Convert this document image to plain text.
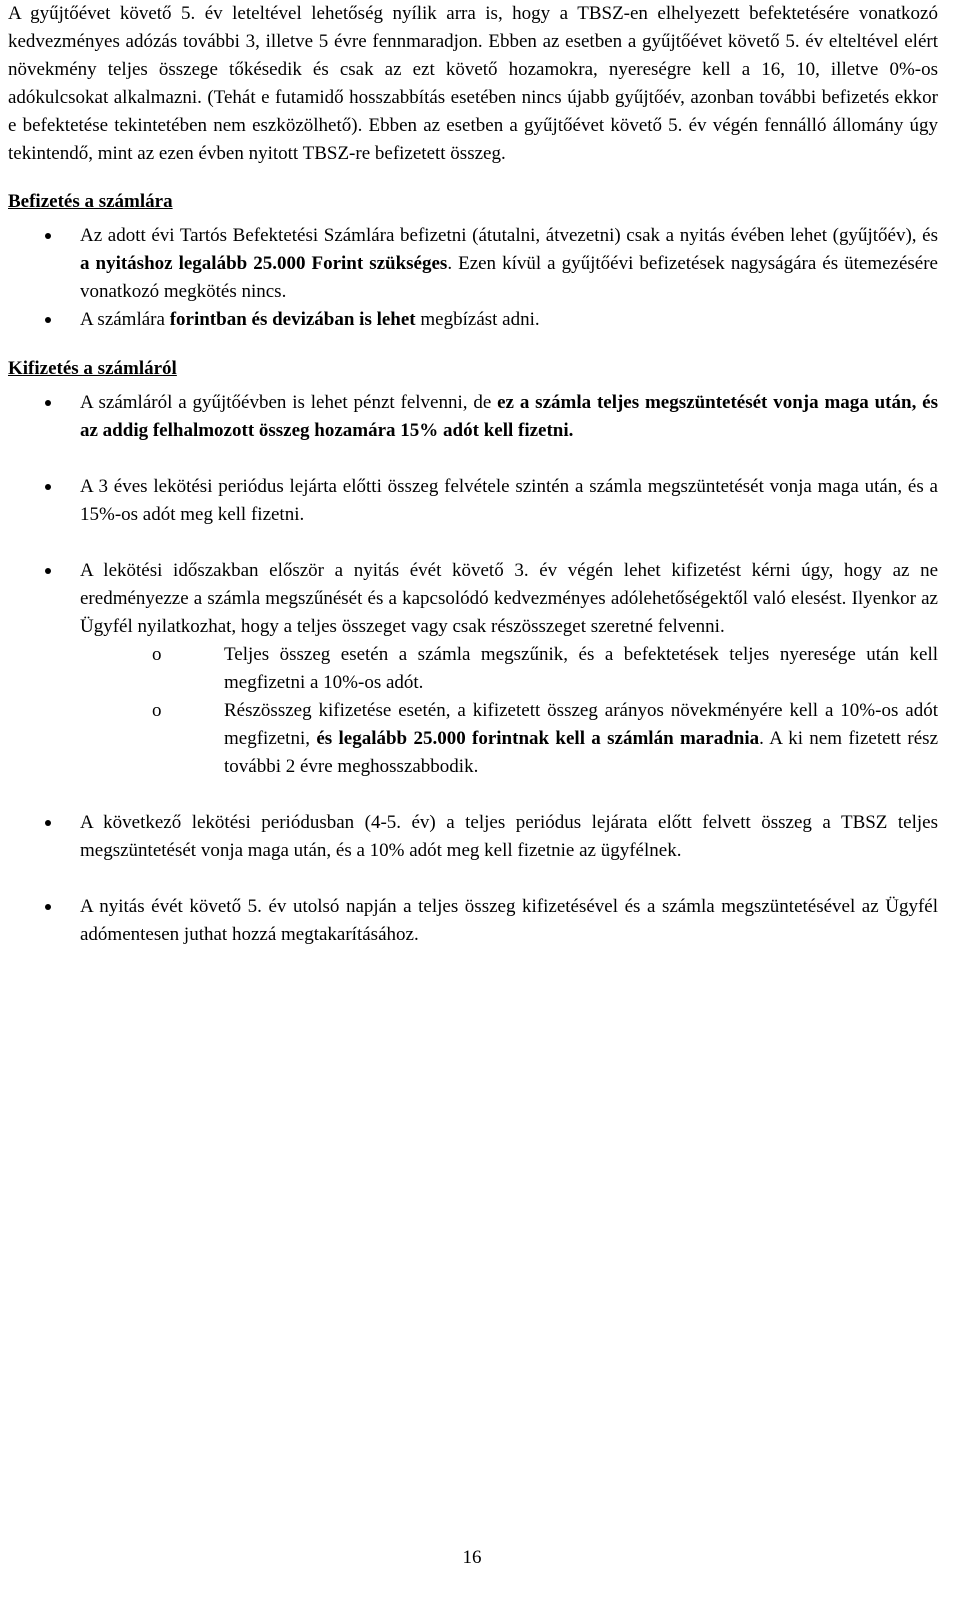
A gyűjtőévet követő 5. év leteltével lehetőség nyílik arra is, hogy a TBSZ-en elhelyezett befektetésére vonatkozó kedvezményes adózás további 3, illetve 5 évre fennmaradjon. Ebben az esetben a gyűjtőévet követő 5. év elteltével elért növekmény teljes összege tőkésedik és csak az ezt követő hozamokra, nyereségre kell a 16, 10, illetve 0%-os adókulcsokat alkalmazni. (Tehát e futamidő hosszabbítás esetében nincs újabb gyűjtőév, azonban további befizetés ekkor e befektetése tekintetében nem eszközölhető). Ebben az esetben a gyűjtőévet követő 5. év végén fennálló állomány úgy tekintendő, mint az ezen évben nyitott TBSZ-re befizetett összeg.

Befizetés a számlára
Az adott évi Tartós Befektetési Számlára befizetni (átutalni, átvezetni) csak a nyitás évében lehet (gyűjtőév), és a nyitáshoz legalább 25.000 Forint szükséges. Ezen kívül a gyűjtőévi befizetések nagyságára és ütemezésére vonatkozó megkötés nincs.
A számlára forintban és devizában is lehet megbízást adni.
Kifizetés a számláról
A számláról a gyűjtőévben is lehet pénzt felvenni, de ez a számla teljes megszüntetését vonja maga után, és az addig felhalmozott összeg hozamára 15% adót kell fizetni.
A 3 éves lekötési periódus lejárta előtti összeg felvétele szintén a számla megszüntetését vonja maga után, és a 15%-os adót meg kell fizetni.
A lekötési időszakban először a nyitás évét követő 3. év végén lehet kifizetést kérni úgy, hogy az ne eredményezze a számla megszűnését és a kapcsolódó kedvezményes adólehetőségektől való elesést. Ilyenkor az Ügyfél nyilatkozhat, hogy a teljes összeget vagy csak részösszeget szeretné felvenni.
o	Teljes összeg esetén a számla megszűnik, és a befektetések teljes nyeresége után kell megfizetni a 10%-os adót.
o	Részösszeg kifizetése esetén, a kifizetett összeg arányos növekményére kell a 10%-os adót megfizetni, és legalább 25.000 forintnak kell a számlán maradnia. A ki nem fizetett rész további 2 évre meghosszabbodik.
A következő lekötési periódusban (4-5. év) a teljes periódus lejárata előtt felvett összeg a TBSZ teljes megszüntetését vonja maga után, és a 10% adót meg kell fizetnie az ügyfélnek.
A nyitás évét követő 5. év utolsó napján a teljes összeg kifizetésével és a számla megszüntetésével az Ügyfél adómentesen juthat hozzá megtakarításához.
16
